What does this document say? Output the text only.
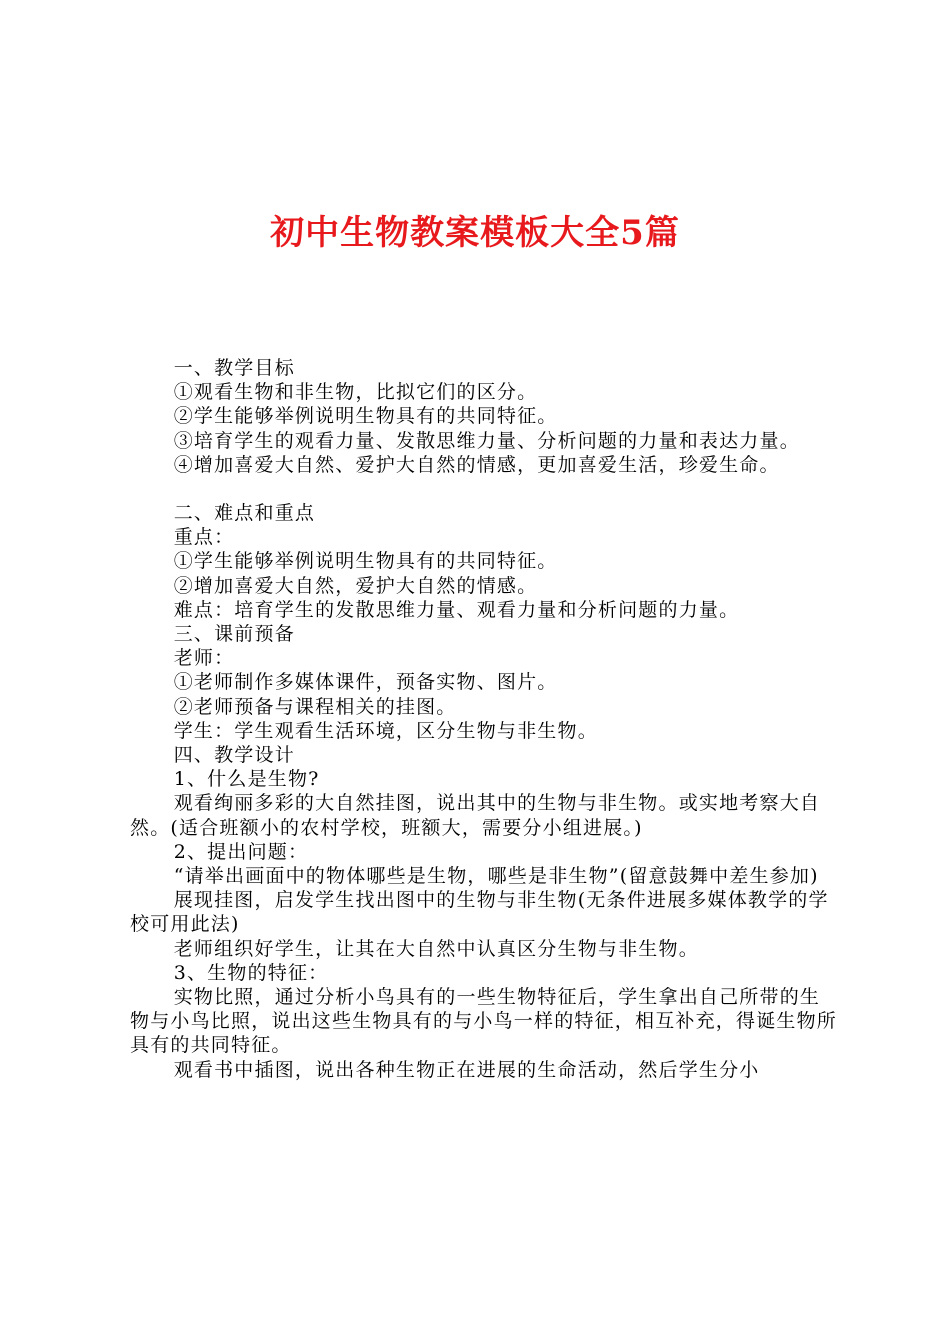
初中生物教案模板大全5篇

一、教学目标

①观看生物和非生物，比拟它们的区分。

②学生能够举例说明生物具有的共同特征。

③培育学生的观看力量、发散思维力量、分析问题的力量和表达力量。

④增加喜爱大自然、爱护大自然的情感，更加喜爱生活，珍爱生命。

二、难点和重点

重点：

①学生能够举例说明生物具有的共同特征。

②增加喜爱大自然，爱护大自然的情感。

难点：培育学生的发散思维力量、观看力量和分析问题的力量。

三、课前预备

老师：

①老师制作多媒体课件，预备实物、图片。

②老师预备与课程相关的挂图。

学生：学生观看生活环境，区分生物与非生物。

四、教学设计

1、什么是生物?

观看绚丽多彩的大自然挂图，说出其中的生物与非生物。或实地考察大自然。(适合班额小的农村学校，班额大，需要分小组进展。)

2、提出问题：

“请举出画面中的物体哪些是生物，哪些是非生物”(留意鼓舞中差生参加)

展现挂图，启发学生找出图中的生物与非生物(无条件进展多媒体教学的学校可用此法)

老师组织好学生，让其在大自然中认真区分生物与非生物。

3、生物的特征：

实物比照，通过分析小鸟具有的一些生物特征后，学生拿出自己所带的生物与小鸟比照，说出这些生物具有的与小鸟一样的特征，相互补充，得诞生物所具有的共同特征。

观看书中插图，说出各种生物正在进展的生命活动，然后学生分小
